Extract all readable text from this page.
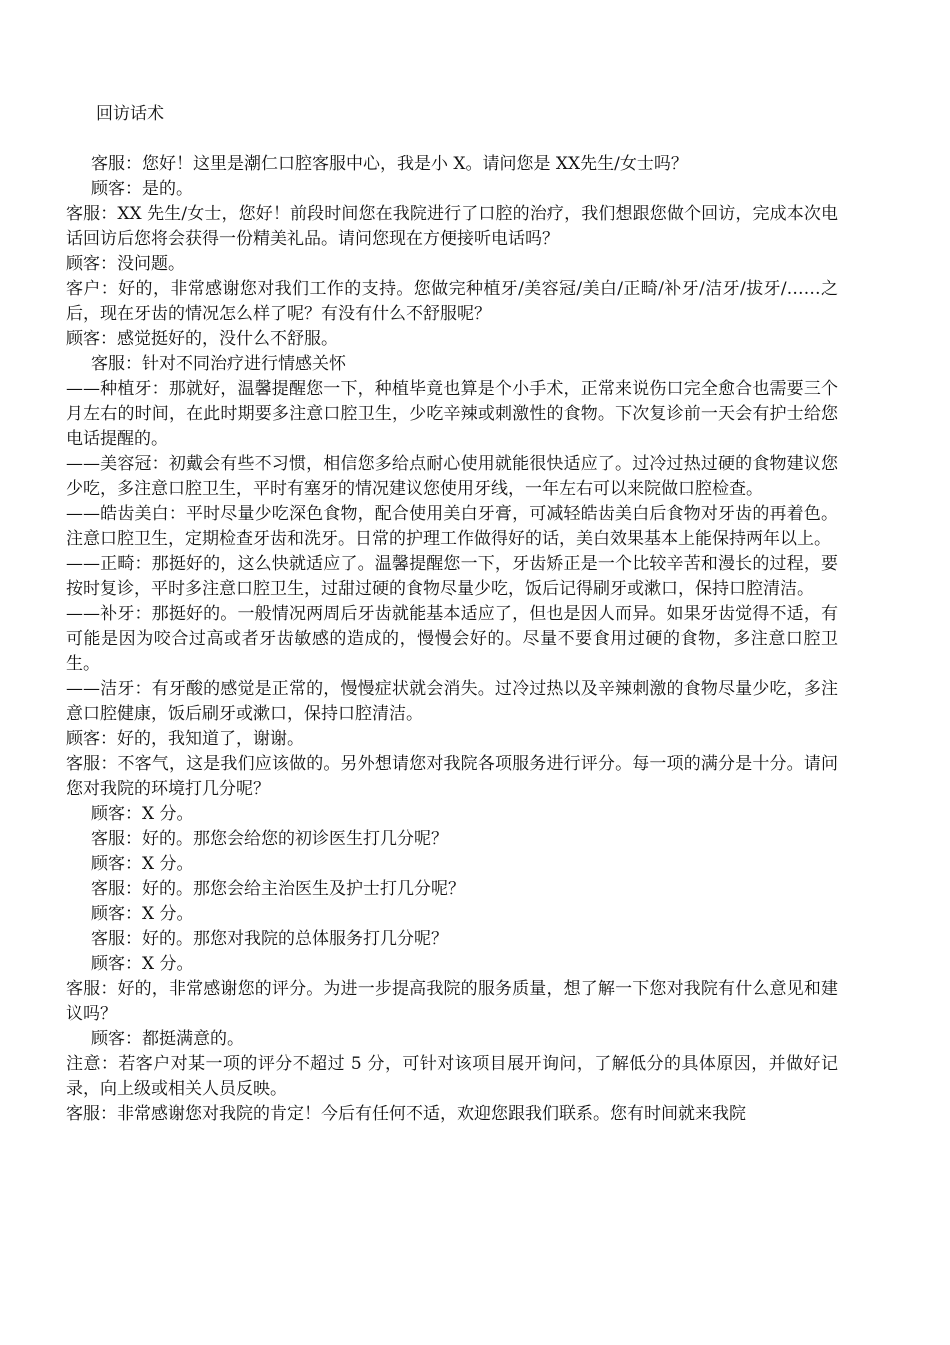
回访话术

客服：您好！这里是潮仁口腔客服中心，我是小 X。请问您是 XX先生/女士吗？

顾客：是的。

客服：XX 先生/女士，您好！前段时间您在我院进行了口腔的治疗，我们想跟您做个回访，完成本次电话回访后您将会获得一份精美礼品。请问您现在方便接听电话吗？

顾客：没问题。

客户：好的，非常感谢您对我们工作的支持。您做完种植牙/美容冠/美白/正畸/补牙/洁牙/拔牙/……之后，现在牙齿的情况怎么样了呢？有没有什么不舒服呢？

顾客：感觉挺好的，没什么不舒服。

客服：针对不同治疗进行情感关怀

——种植牙：那就好，温馨提醒您一下，种植毕竟也算是个小手术，正常来说伤口完全愈合也需要三个月左右的时间，在此时期要多注意口腔卫生，少吃辛辣或刺激性的食物。下次复诊前一天会有护士给您电话提醒的。

——美容冠：初戴会有些不习惯，相信您多给点耐心使用就能很快适应了。过冷过热过硬的食物建议您少吃，多注意口腔卫生，平时有塞牙的情况建议您使用牙线，一年左右可以来院做口腔检查。

——皓齿美白：平时尽量少吃深色食物，配合使用美白牙膏，可减轻皓齿美白后食物对牙齿的再着色。注意口腔卫生，定期检查牙齿和洗牙。日常的护理工作做得好的话，美白效果基本上能保持两年以上。

——正畸：那挺好的，这么快就适应了。温馨提醒您一下，牙齿矫正是一个比较辛苦和漫长的过程，要按时复诊，平时多注意口腔卫生，过甜过硬的食物尽量少吃，饭后记得刷牙或漱口，保持口腔清洁。

——补牙：那挺好的。一般情况两周后牙齿就能基本适应了，但也是因人而异。如果牙齿觉得不适，有可能是因为咬合过高或者牙齿敏感的造成的，慢慢会好的。尽量不要食用过硬的食物，多注意口腔卫生。

——洁牙：有牙酸的感觉是正常的，慢慢症状就会消失。过冷过热以及辛辣刺激的食物尽量少吃，多注意口腔健康，饭后刷牙或漱口，保持口腔清洁。

顾客：好的，我知道了，谢谢。

客服：不客气，这是我们应该做的。另外想请您对我院各项服务进行评分。每一项的满分是十分。请问您对我院的环境打几分呢？

顾客：X 分。

客服：好的。那您会给您的初诊医生打几分呢？

顾客：X 分。

客服：好的。那您会给主治医生及护士打几分呢？

顾客：X 分。

客服：好的。那您对我院的总体服务打几分呢？

顾客：X 分。

客服：好的，非常感谢您的评分。为进一步提高我院的服务质量，想了解一下您对我院有什么意见和建议吗？

顾客：都挺满意的。

注意：若客户对某一项的评分不超过 5 分，可针对该项目展开询问，了解低分的具体原因，并做好记录，向上级或相关人员反映。

客服：非常感谢您对我院的肯定！今后有任何不适，欢迎您跟我们联系。您有时间就来我院
